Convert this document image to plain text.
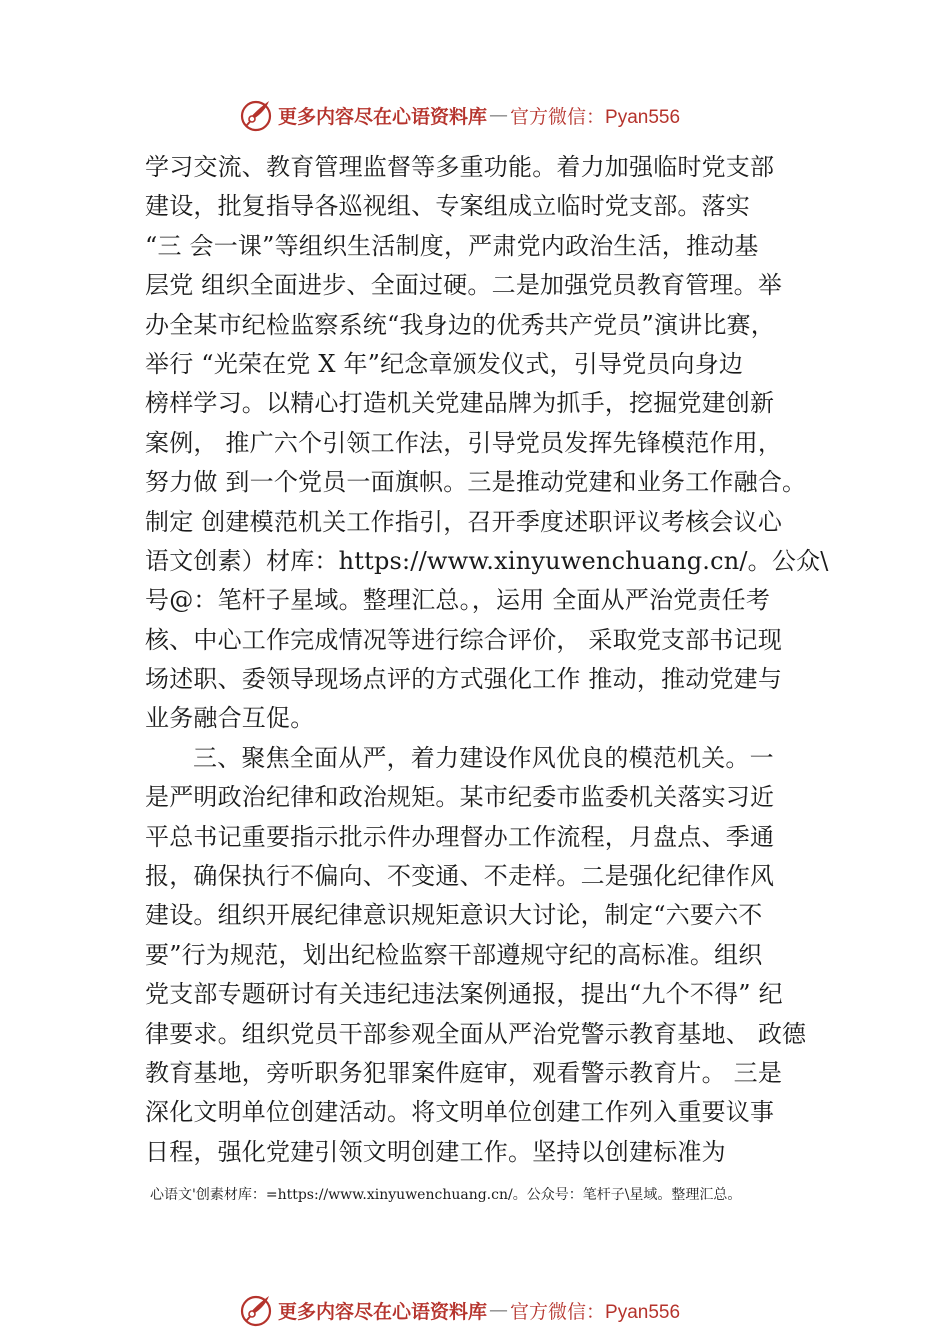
更多内容尽在心语资料库 — 官方微信：Pyan556
学习交流、教育管理监督等多重功能。着力加强临时党支部
建设，批复指导各巡视组、专案组成立临时党支部。落实
“三 会一课”等组织生活制度，严肃党内政治生活，推动基
层党 组织全面进步、全面过硬。二是加强党员教育管理。举
办全某市纪检监察系统“我身边的优秀共产党员”演讲比赛，
举行 “光荣在党 X 年”纪念章颁发仪式，引导党员向身边
榜样学习。以精心打造机关党建品牌为抓手，挖掘党建创新
案例， 推广六个引领工作法，引导党员发挥先锋模范作用，
努力做 到一个党员一面旗帜。三是推动党建和业务工作融合。
制定 创建模范机关工作指引，召开季度述职评议考核会议心
语文创素）材库：https://www.xinyuwenchuang.cn/。公众\
号@：笔杆子星域。整理汇总。，运用 全面从严治党责任考
核、中心工作完成情况等进行综合评价， 采取党支部书记现
场述职、委领导现场点评的方式强化工作 推动，推动党建与
业务融合互促。
三、聚焦全面从严，着力建设作风优良的模范机关。一
是严明政治纪律和政治规矩。某市纪委市监委机关落实习近
平总书记重要指示批示件办理督办工作流程，月盘点、季通
报，确保执行不偏向、不变通、不走样。二是强化纪律作风
建设。组织开展纪律意识规矩意识大讨论，制定“六要六不
要”行为规范，划出纪检监察干部遵规守纪的高标准。组织
党支部专题研讨有关违纪违法案例通报，提出“九个不得” 纪
律要求。组织党员干部参观全面从严治党警示教育基地、 政德
教育基地，旁听职务犯罪案件庭审，观看警示教育片。 三是
深化文明单位创建活动。将文明单位创建工作列入重要议事
日程，强化党建引领文明创建工作。坚持以创建标准为
心语文'创素材库：=https://www.xinyuwenchuang.cn/。公众号：笔杆子\星域。整理汇总。
更多内容尽在心语资料库 — 官方微信：Pyan556
